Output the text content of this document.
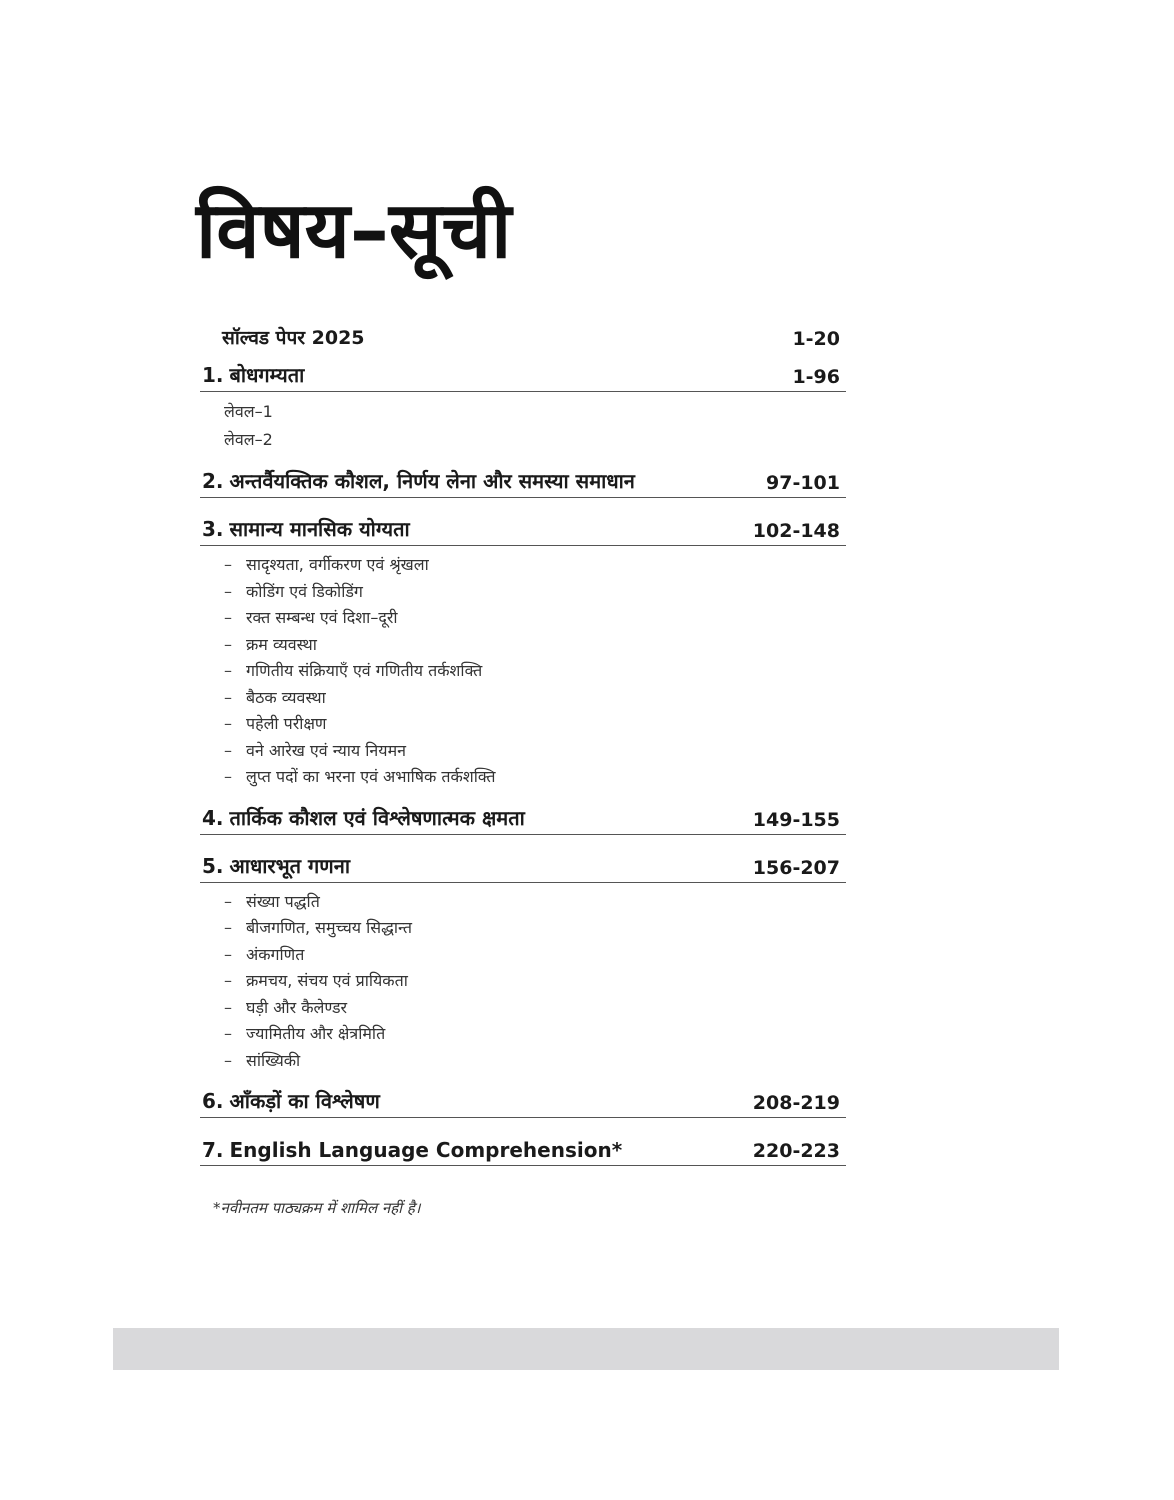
विषय–सूची
सॉल्वड पेपर 2025	1-20
1. बोधगम्यता	1-96
लेवल–1
लेवल–2
2. अन्तर्वैयक्तिक कौशल, निर्णय लेना और समस्या समाधान	97-101
3. सामान्य मानसिक योग्यता	102-148
– सादृश्यता, वर्गीकरण एवं श्रृंखला
– कोडिंग एवं डिकोडिंग
– रक्त सम्बन्ध एवं दिशा–दूरी
– क्रम व्यवस्था
– गणितीय संक्रियाएँ एवं गणितीय तर्कशक्ति
– बैठक व्यवस्था
– पहेली परीक्षण
– वने आरेख एवं न्याय नियमन
– लुप्त पदों का भरना एवं अभाषिक तर्कशक्ति
4. तार्किक कौशल एवं विश्लेषणात्मक क्षमता	149-155
5. आधारभूत गणना	156-207
– संख्या पद्धति
– बीजगणित, समुच्चय सिद्धान्त
– अंकगणित
– क्रमचय, संचय एवं प्रायिकता
– घड़ी और कैलेण्डर
– ज्यामितीय और क्षेत्रमिति
– सांख्यिकी
6. आँकड़ों का विश्लेषण	208-219
7. English Language Comprehension*	220-223
*नवीनतम पाठ्यक्रम में शामिल नहीं है।
